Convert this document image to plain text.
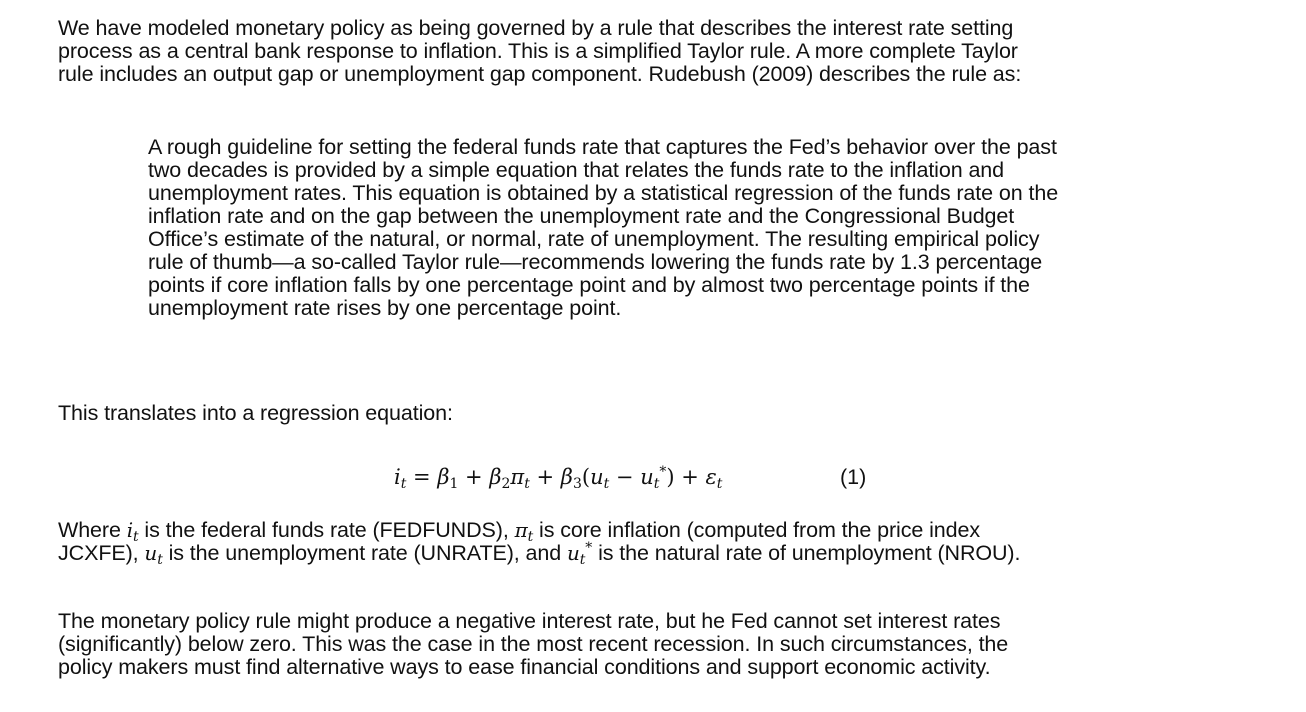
We have modeled monetary policy as being governed by a rule that describes the interest rate setting
process as a central bank response to inflation. This is a simplified Taylor rule. A more complete Taylor
rule includes an output gap or unemployment gap component. Rudebush (2009) describes the rule as:

A rough guideline for setting the federal funds rate that captures the Fed’s behavior over the past
two decades is provided by a simple equation that relates the funds rate to the inflation and
unemployment rates. This equation is obtained by a statistical regression of the funds rate on the
inflation rate and on the gap between the unemployment rate and the Congressional Budget
Office’s estimate of the natural, or normal, rate of unemployment. The resulting empirical policy
rule of thumb—a so-called Taylor rule—recommends lowering the funds rate by 1.3 percentage
points if core inflation falls by one percentage point and by almost two percentage points if the
unemployment rate rises by one percentage point.

This translates into a regression equation:

$i_t = \beta_1 + \beta_2\pi_t + \beta_3(u_t - u_t^*) + \varepsilon_t$	(1)

Where $i_t$ is the federal funds rate (FEDFUNDS), $\pi_t$ is core inflation (computed from the price index
JCXFE), $u_t$ is the unemployment rate (UNRATE), and $u_t^*$ is the natural rate of unemployment (NROU).

The monetary policy rule might produce a negative interest rate, but he Fed cannot set interest rates
(significantly) below zero. This was the case in the most recent recession. In such circumstances, the
policy makers must find alternative ways to ease financial conditions and support economic activity.
